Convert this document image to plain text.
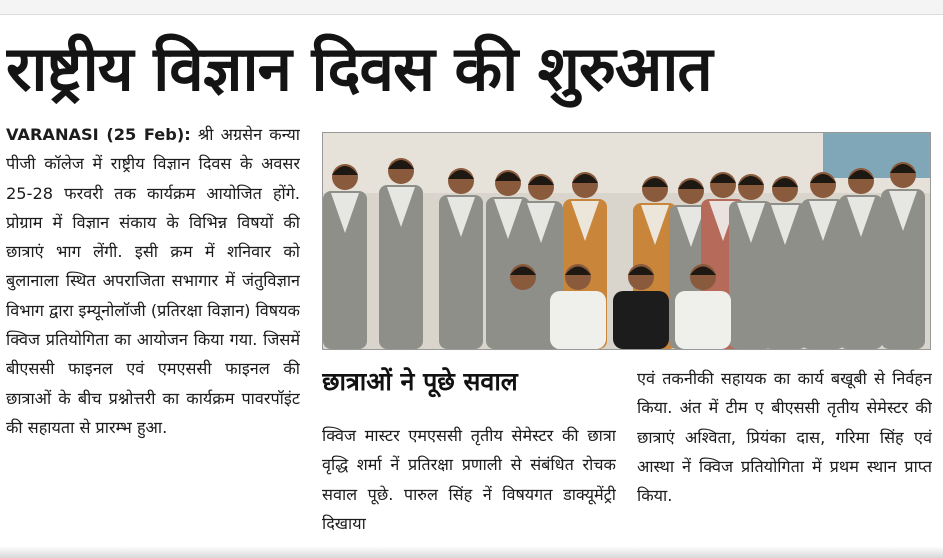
राष्ट्रीय विज्ञान दिवस की शुरुआत
VARANASI (25 Feb): श्री अग्रसेन कन्या पीजी कॉलेज में राष्ट्रीय विज्ञान दिवस के अवसर 25-28 फरवरी तक कार्यक्रम आयोजित होंगे. प्रोग्राम में विज्ञान संकाय के विभिन्न विषयों की छात्राएं भाग लेंगी. इसी क्रम में शनिवार को बुलानाला स्थित अपराजिता सभागार में जंतुविज्ञान विभाग द्वारा इम्यूनोलॉजी (प्रतिरक्षा विज्ञान) विषयक क्विज प्रतियोगिता का आयोजन किया गया. जिसमें बीएससी फाइनल एवं एमएससी फाइनल की छात्राओं के बीच प्रश्नोत्तरी का कार्यक्रम पावरपॉइंट की सहायता से प्रारम्भ हुआ.
छात्राओं ने पूछे सवाल
क्विज मास्टर एमएससी तृतीय सेमेस्टर की छात्रा वृद्धि शर्मा नें प्रतिरक्षा प्रणाली से संबंधित रोचक सवाल पूछे. पारुल सिंह नें विषयगत डाक्यूमेंट्री दिखाया
एवं तकनीकी सहायक का कार्य बखूबी से निर्वहन किया. अंत में टीम ए बीएससी तृतीय सेमेस्टर की छात्राएं अश्विता, प्रियंका दास, गरिमा सिंह एवं आस्था नें क्विज प्रतियोगिता में प्रथम स्थान प्राप्त किया.
